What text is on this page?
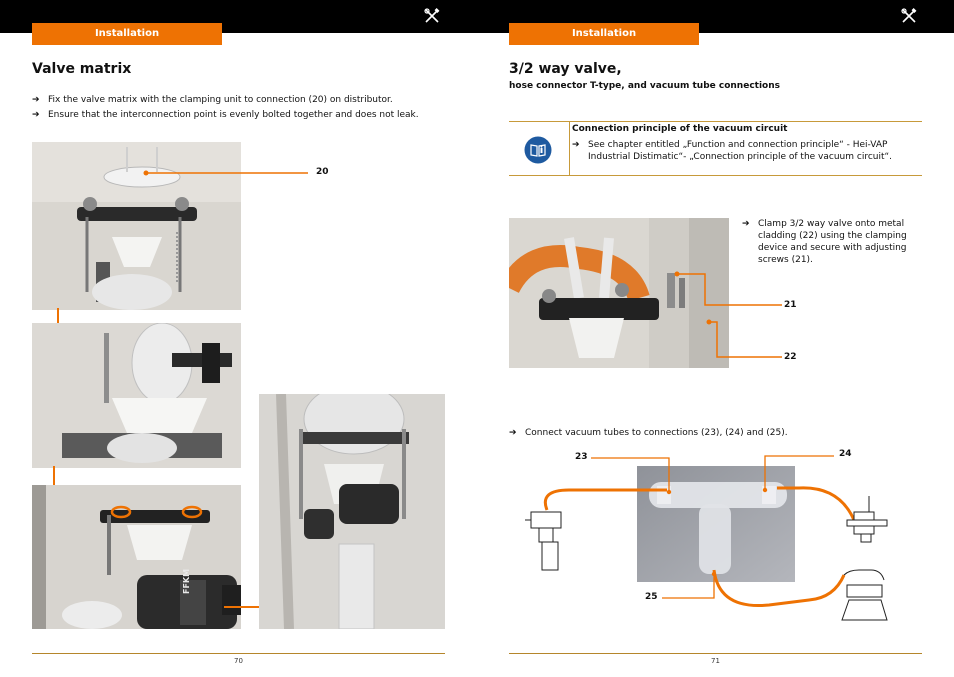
Installation	Installation
Valve matrix
➔ Fix the valve matrix with the clamping unit to connection (20) on distributor.
➔ Ensure that the interconnection point is evenly bolted together and does not leak.
20
FFKM
70
3/2 way valve,
hose connector T-type, and vacuum tube connections
Connection principle of the vacuum circuit
➔ See chapter entitled „Function and connection principle“ - Hei-VAP Industrial Distimatic“- „Connection principle of the vacuum circuit“.
21
22
➔ Clamp 3/2 way valve onto metal cladding (22) using the clamping device and secure with adjusting screws (21).
➔ Connect vacuum tubes to connections (23), (24) and (25).
23	24
25
71
